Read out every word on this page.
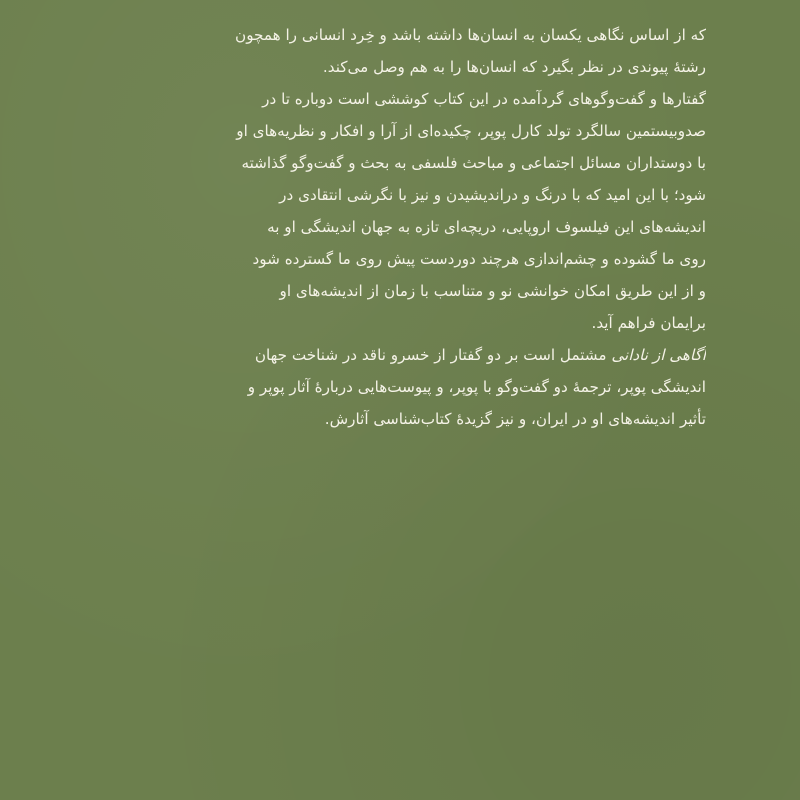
که از اساس نگاهی یکسان به انسان‌ها داشته باشد و خِرد انسانی را همچون
رشتهٔ پیوندی در نظر بگیرد که انسان‌ها را به هم وصل می‌کند.
گفتارها و گفت‌وگوهای گردآمده در این کتاب کوششی است دوباره تا در
صدوبیستمین سالگرد تولد کارل پوپر، چکیده‌ای از آرا و افکار و نظریه‌های او
با دوستداران مسائل اجتماعی و مباحث فلسفی به بحث و گفت‌وگو گذاشته
شود؛ با این امید که با درنگ و دراندیشیدن و نیز با نگرشی انتقادی در
اندیشه‌های این فیلسوف اروپایی، دریچه‌ای تازه به جهان اندیشگی او به
روی ما گشوده و چشم‌اندازی هرچند دوردست پیش روی ما گسترده شود
و از این طریق امکان خوانشی نو و متناسب با زمان از اندیشه‌های او
برایمان فراهم آید.
آگاهی از نادانی مشتمل است بر دو گفتار از خسرو ناقد در شناخت جهان
اندیشگی پوپر، ترجمهٔ دو گفت‌وگو با پوپر، و پیوست‌هایی دربارهٔ آثار پوپر و
تأثیر اندیشه‌های او در ایران، و نیز گزیدهٔ کتاب‌شناسی آثارش.
